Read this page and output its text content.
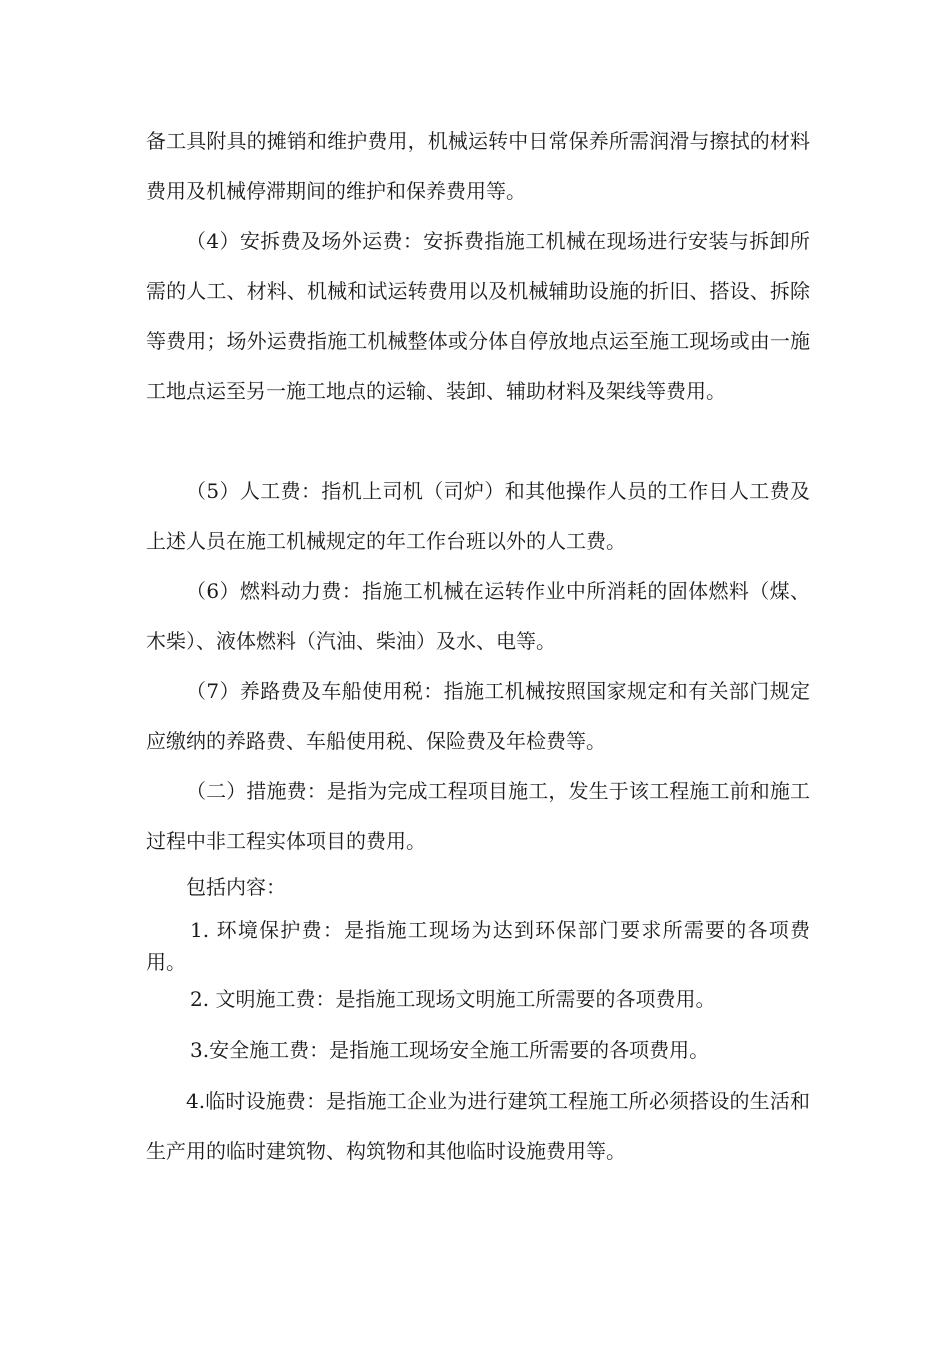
备工具附具的摊销和维护费用，机械运转中日常保养所需润滑与擦拭的材料费用及机械停滞期间的维护和保养费用等。

（4）安拆费及场外运费：安拆费指施工机械在现场进行安装与拆卸所需的人工、材料、机械和试运转费用以及机械辅助设施的折旧、搭设、拆除等费用；场外运费指施工机械整体或分体自停放地点运至施工现场或由一施工地点运至另一施工地点的运输、装卸、辅助材料及架线等费用。

（5）人工费：指机上司机（司炉）和其他操作人员的工作日人工费及上述人员在施工机械规定的年工作台班以外的人工费。

（6）燃料动力费：指施工机械在运转作业中所消耗的固体燃料（煤、木柴）、液体燃料（汽油、柴油）及水、电等。

（7）养路费及车船使用税：指施工机械按照国家规定和有关部门规定应缴纳的养路费、车船使用税、保险费及年检费等。

（二）措施费：是指为完成工程项目施工，发生于该工程施工前和施工过程中非工程实体项目的费用。

包括内容：

1. 环境保护费：是指施工现场为达到环保部门要求所需要的各项费用。

2. 文明施工费：是指施工现场文明施工所需要的各项费用。

3.安全施工费：是指施工现场安全施工所需要的各项费用。

4.临时设施费：是指施工企业为进行建筑工程施工所必须搭设的生活和生产用的临时建筑物、构筑物和其他临时设施费用等。
